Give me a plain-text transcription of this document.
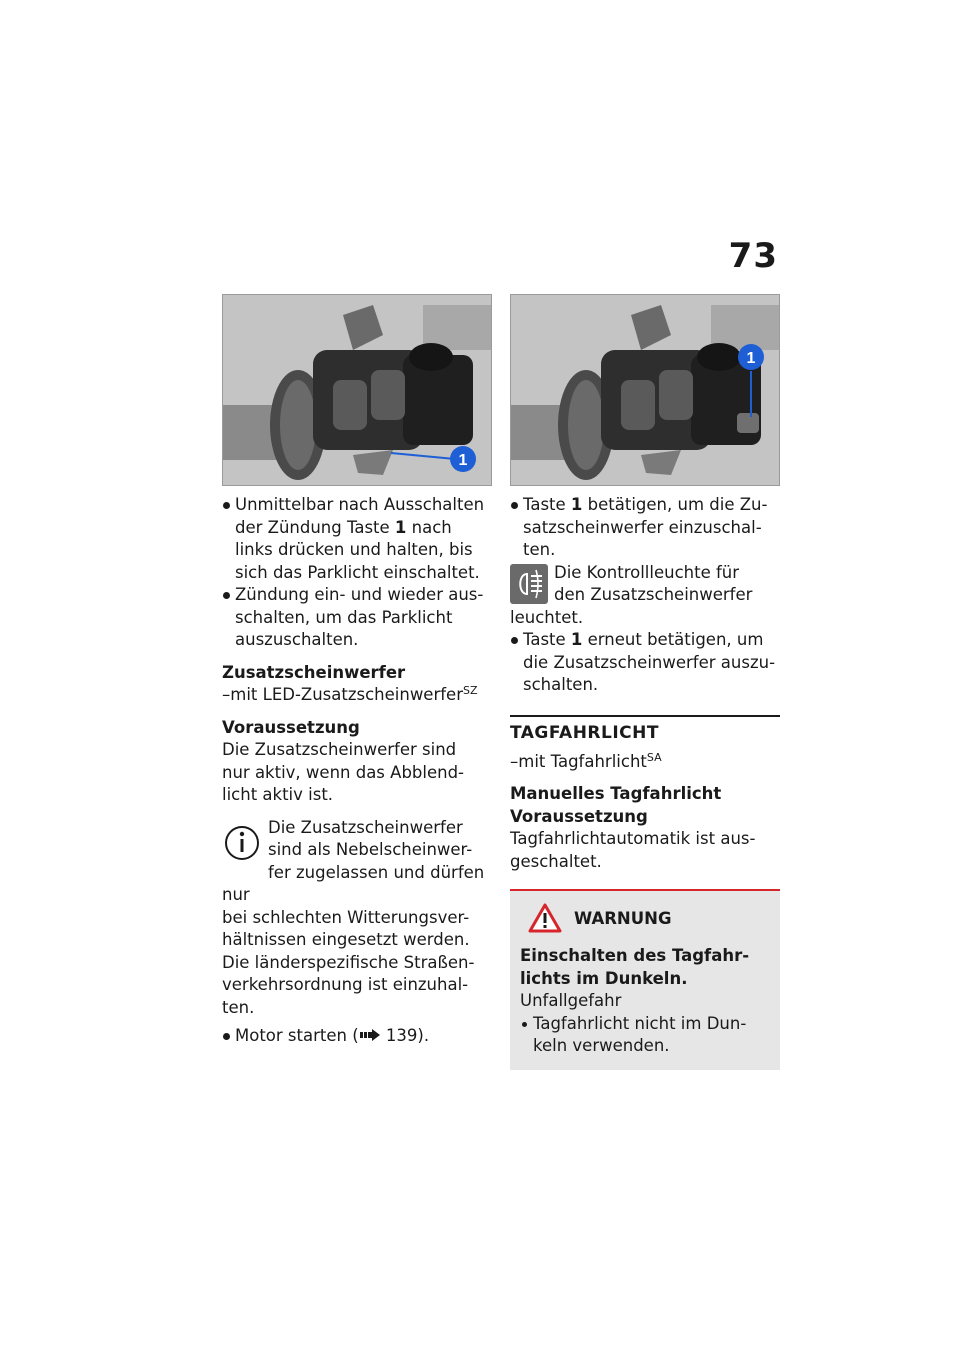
73
1
Unmittelbar nach Ausschalten
der Zündung Taste 1 nach
links drücken und halten, bis
sich das Parklicht einschaltet.
Zündung ein- und wieder aus-
schalten, um das Parklicht
auszuschalten.
Zusatzscheinwerfer

–mit LED-Zusatzscheinwerfer$^{SZ}$

Voraussetzung

Die Zusatzscheinwerfer sind
nur aktiv, wenn das Abblend-
licht aktiv ist.

Die Zusatzscheinwerfer
sind als Nebelscheinwer-

fer zugelassen und dürfen nur
bei schlechten Witterungsver-
hältnissen eingesetzt werden.
Die länderspezifische Straßen-
verkehrsordnung ist einzuhal-
ten.

Motor starten ( 139).
1
Taste 1 betätigen, um die Zu-
satzscheinwerfer einzuschal-
ten.

Die Kontrollleuchte für
den Zusatzscheinwerfer

leuchtet.

Taste 1 erneut betätigen, um
die Zusatzscheinwerfer auszu-
schalten.
TAGFAHRLICHT

–mit Tagfahrlicht$^{SA}$

Manuelles Tagfahrlicht
Voraussetzung

Tagfahrlichtautomatik ist aus-
geschaltet.

WARNUNG
Einschalten des Tagfahr-
lichts im Dunkeln.

Unfallgefahr

Tagfahrlicht nicht im Dun-
keln verwenden.
